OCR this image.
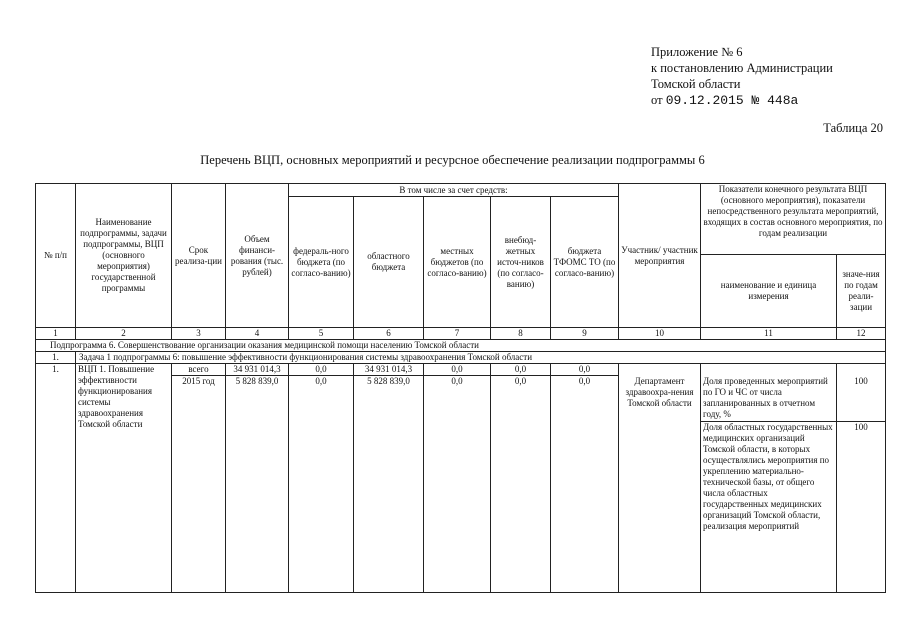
Приложение № 6
к постановлению Администрации
Томской области
от 09.12.2015 № 448а
Таблица 20
Перечень ВЦП, основных мероприятий и ресурсное обеспечение реализации подпрограммы 6
№ п/п	Наименование подпрограммы, задачи подпрограммы, ВЦП (основного мероприятия) государственной программы	Срок реализа-ции	Объем финанси-рования (тыс. рублей)	В том числе за счет средств:					Участник/ участник мероприятия	Показатели конечного результата ВЦП (основного мероприятия), показатели непосредственного результата мероприятий, входящих в состав основного мероприятия, по годам реализации	
				федераль-ного бюджета (по согласо-ванию)	областного бюджета	местных бюджетов (по согласо-ванию)	внебюд-жетных источ-ников (по согласо-ванию)	бюджета ТФОМС ТО (по согласо-ванию)			
										наименование и единица измерения	значе-ния по годам реали-зации
1	2	3	4	5	6	7	8	9	10	11	12
Подпрограмма 6. Совершенствование организации оказания медицинской помощи населению Томской области											
1.	Задача 1 подпрограммы 6: повышение эффективности функционирования системы здравоохранения Томской области										
1.	ВЦП 1. Повышение эффективности функционирования системы здравоохранения Томской области	всего	34 931 014,3	0,0	34 931 014,3	0,0	0,0	0,0			
		2015 год	5 828 839,0	0,0	5 828 839,0	0,0	0,0	0,0	Департамент здравоохра-нения Томской области	Доля проведенных мероприятий по ГО и ЧС от числа запланированных в отчетном году, %	100
										Доля областных государственных медицинских организаций Томской области, в которых осуществлялись мероприятия по укреплению материально-технической базы, от общего числа областных государственных медицинских организаций Томской области, реализация мероприятий	100
